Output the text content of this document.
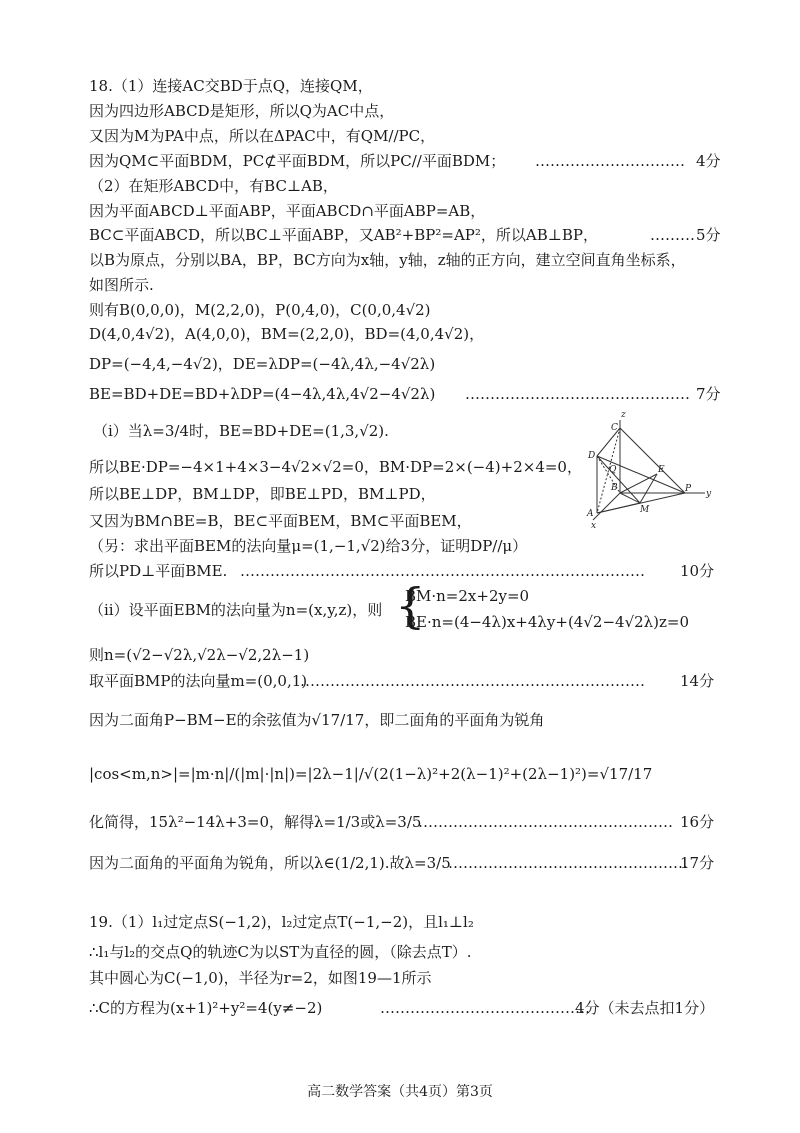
18.（1）连接AC交BD于点Q，连接QM，
因为四边形ABCD是矩形，所以Q为AC中点，
又因为M为PA中点，所以在ΔPAC中，有QM//PC，
因为QM⊂平面BDM，PC⊄平面BDM，所以PC//平面BDM； ………………………… 4分
（2）在矩形ABCD中，有BC⊥AB，
因为平面ABCD⊥平面ABP，平面ABCD∩平面ABP=AB，
BC⊂平面ABCD，所以BC⊥平面ABP，又AB²+BP²=AP²，所以AB⊥BP，	……… 5分
以B为原点，分别以BA，BP，BC方向为x轴，y轴，z轴的正方向，建立空间直角坐标系，
如图所示.
则有B(0,0,0)，M(2,2,0)，P(0,4,0)，C(0,0,4√2)
D(4,0,4√2)，A(4,0,0)，BM=(2,2,0)，BD=(4,0,4√2)，
DP=(−4,4,−4√2)，DE=λDP=(−4λ,4λ,−4√2λ)
BE=BD+DE=BD+λDP=(4−4λ,4λ,4√2−4√2λ) ……………………………………… 7分
（i）当λ=3/4时，BE=BD+DE=(1,3,√2).
所以BE·DP=−4×1+4×3−4√2×√2=0，BM·DP=2×(−4)+2×4=0，
所以BE⊥DP，BM⊥DP，即BE⊥PD，BM⊥PD，
又因为BM∩BE=B，BE⊂平面BEM，BM⊂平面BEM，
（另：求出平面BEM的法向量μ=(1,−1,√2)给3分，证明DP//μ）
所以PD⊥平面BME. ……………………………………………………………………… 10分
（ii）设平面EBM的法向量为n=(x,y,z)，则 {
BM·n=2x+2y=0
BE·n=(4−4λ)x+4λy+(4√2−4√2λ)z=0
则n=(√2−√2λ,√2λ−√2,2λ−1)
取平面BMP的法向量m=(0,0,1)
…………………………………………………………… 14分
因为二面角P−BM−E的余弦值为√17/17，即二面角的平面角为锐角
|cos<m,n>|=|m·n|/(|m|·|n|)=|2λ−1|/√(2(1−λ)²+2(λ−1)²+(2λ−1)²)=√17/17
化简得，15λ²−14λ+3=0，解得λ=1/3或λ=3/5
…………………………………………… 16分
因为二面角的平面角为锐角，所以λ∈(1/2,1).故λ=3/5
…………………………………………
17分
19.（1）l₁过定点S(−1,2)，l₂过定点T(−1,−2)，且l₁⊥l₂
∴l₁与l₂的交点Q的轨迹C为以ST为直径的圆，（除去点T）.
其中圆心为C(−1,0)，半径为r=2，如图19—1所示
∴C的方程为(x+1)²+y²=4(y≠−2)	……………………………………
4分（未去点扣1分）
z
C
D
Q	E
B	P y
A	M
x
高二数学答案（共4页）第3页
